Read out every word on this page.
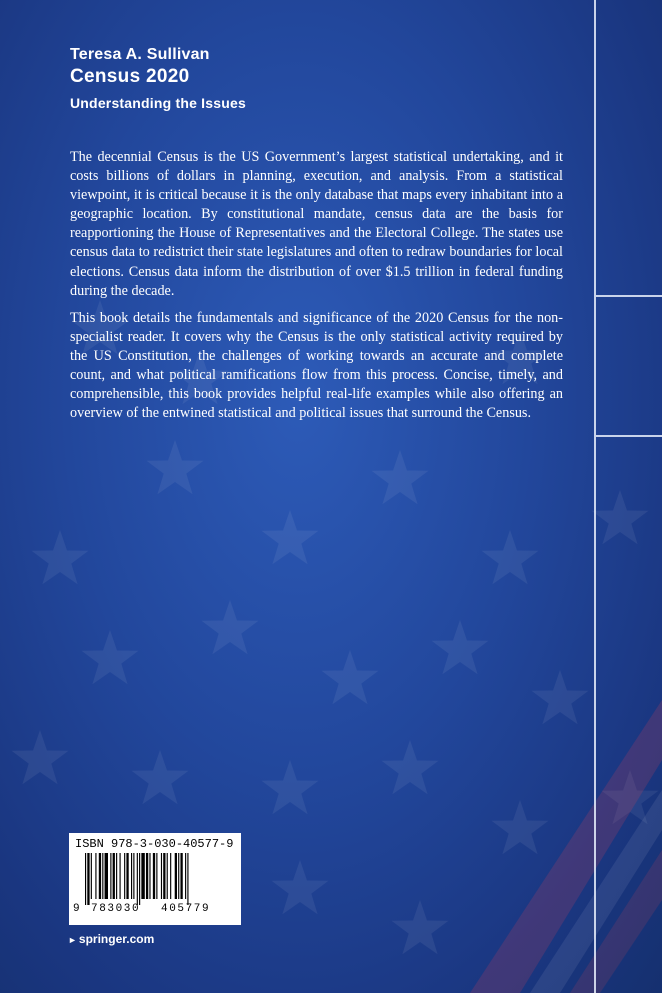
Teresa A. Sullivan
Census 2020
Understanding the Issues

The decennial Census is the US Government’s largest statistical undertaking, and it costs billions of dollars in planning, execution, and analysis. From a statistical viewpoint, it is critical because it is the only database that maps every inhabitant into a geographic location. By constitutional mandate, census data are the basis for reapportioning the House of Representatives and the Electoral College. The states use census data to redistrict their state legislatures and often to redraw boundaries for local elections. Census data inform the distribution of over $1.5 trillion in federal funding during the decade.

This book details the fundamentals and significance of the 2020 Census for the non-specialist reader. It covers why the Census is the only statistical activity required by the US Constitution, the challenges of working towards an accurate and complete count, and what political ramifications flow from this process. Concise, timely, and comprehensible, this book provides helpful real-life examples while also offering an overview of the entwined statistical and political issues that surround the Census.

ISBN 978-3-030-40577-9
9 783030 405779
► springer.com
